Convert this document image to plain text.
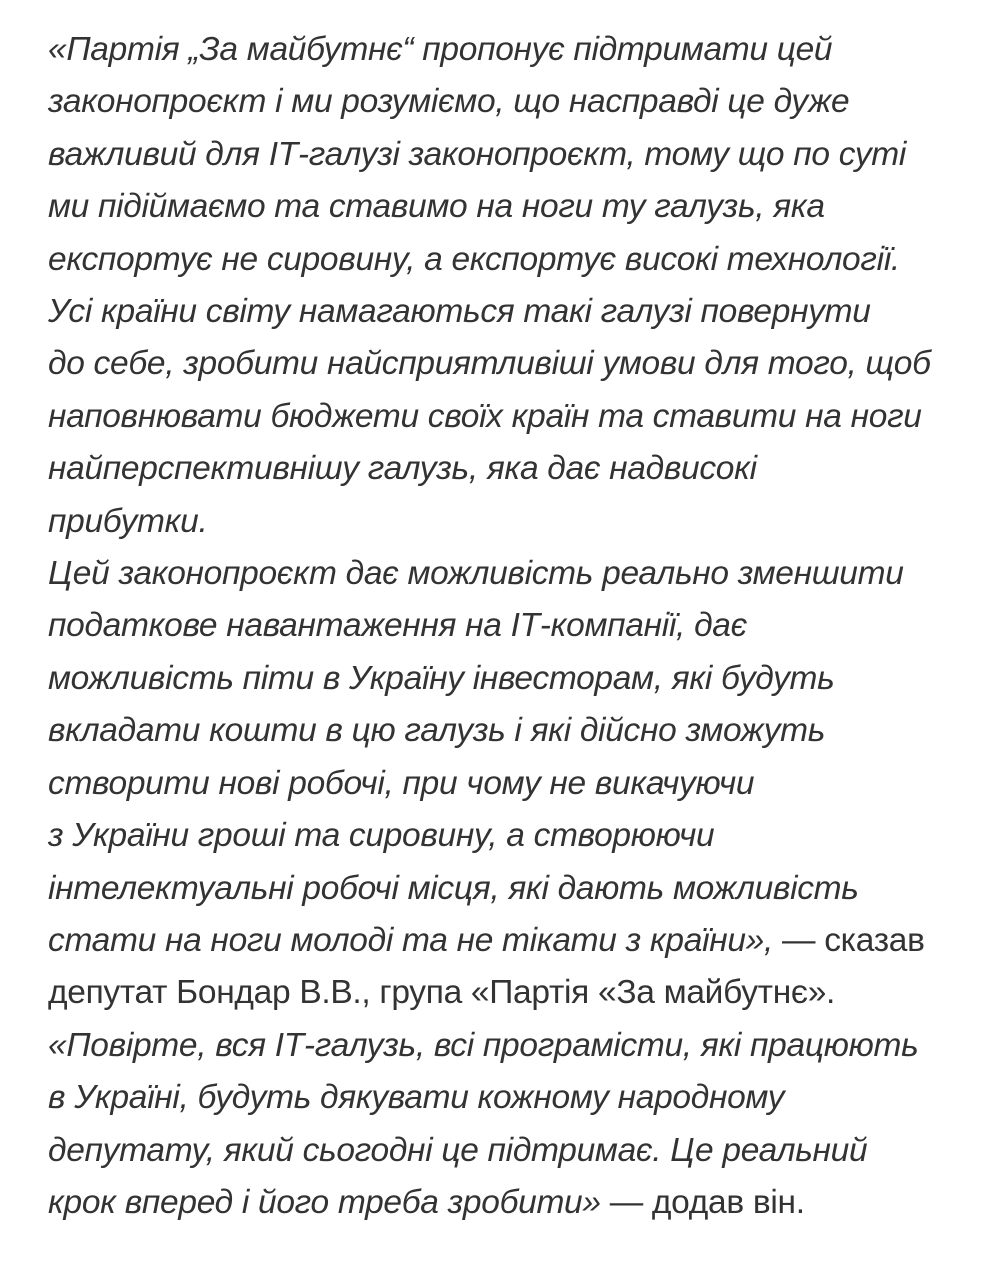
«Партія „За майбутнє“ пропонує підтримати цей
законопроєкт і ми розуміємо, що насправді це дуже
важливий для ІТ-галузі законопроєкт, тому що по суті
ми підіймаємо та ставимо на ноги ту галузь, яка
експортує не сировину, а експортує високі технології.
Усі країни світу намагаються такі галузі повернути
до себе, зробити найсприятливіші умови для того, щоб
наповнювати бюджети своїх країн та ставити на ноги
найперспективнішу галузь, яка дає надвисокі
прибутки.
Цей законопроєкт дає можливість реально зменшити
податкове навантаження на ІТ-компанії, дає
можливість піти в Україну інвесторам, які будуть
вкладати кошти в цю галузь і які дійсно зможуть
створити нові робочі, при чому не викачуючи
з України гроші та сировину, а створюючи
інтелектуальні робочі місця, які дають можливість
стати на ноги молоді та не тікати з країни», — сказав
депутат Бондар В.В., група «Партія «За майбутнє».
«Повірте, вся ІТ-галузь, всі програмісти, які працюють
в Україні, будуть дякувати кожному народному
депутату, який сьогодні це підтримає. Це реальний
крок вперед і його треба зробити» — додав він.
